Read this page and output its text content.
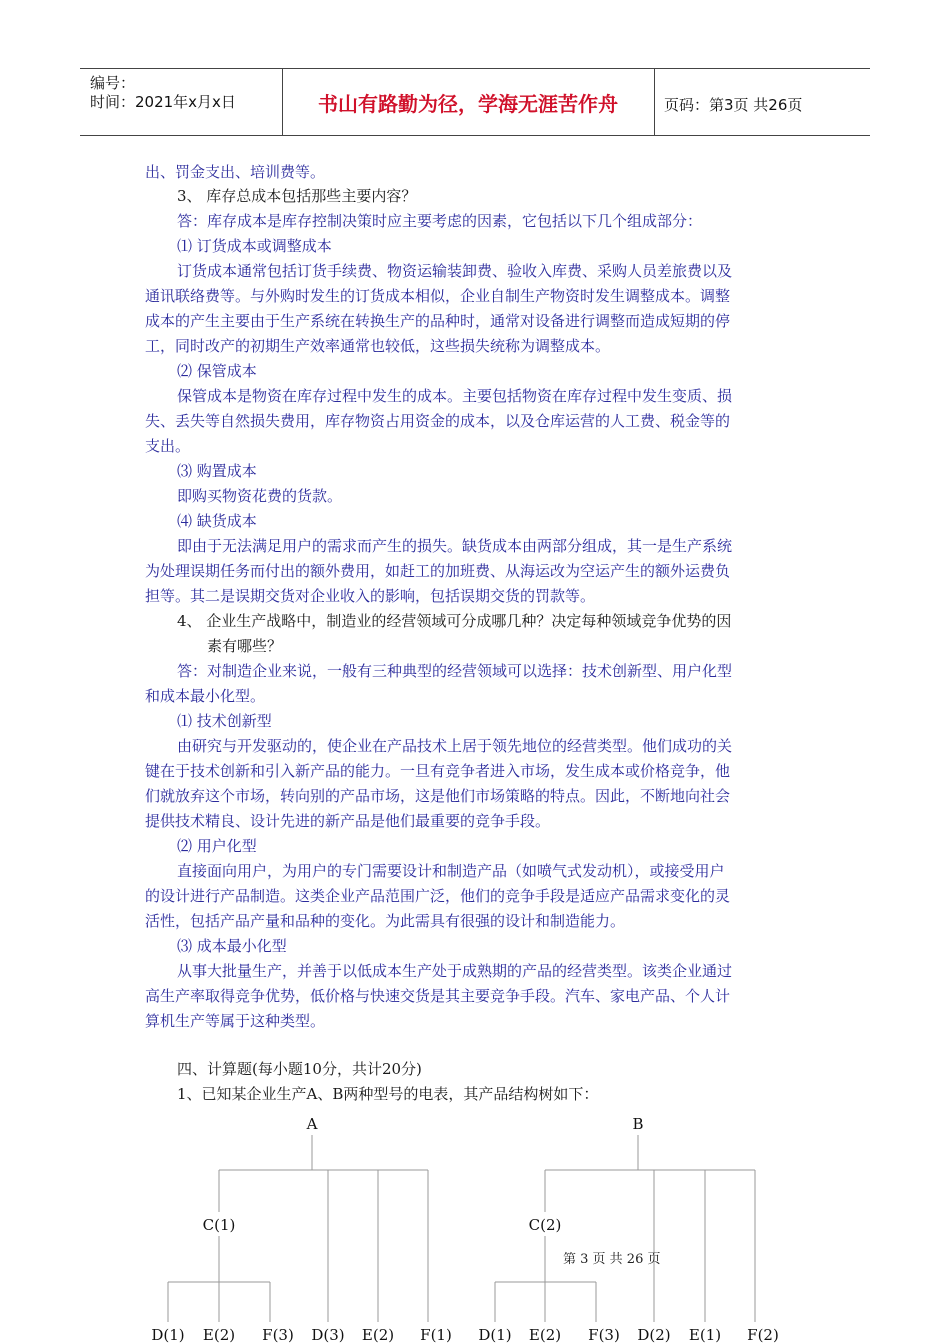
编号：
时间：2021年x月x日	书山有路勤为径，学海无涯苦作舟	页码：第3页 共26页
出、罚金支出、培训费等。
3、 库存总成本包括那些主要内容？
答：库存成本是库存控制决策时应主要考虑的因素，它包括以下几个组成部分：
⑴ 订货成本或调整成本
订货成本通常包括订货手续费、物资运输装卸费、验收入库费、采购人员差旅费以及
通讯联络费等。与外购时发生的订货成本相似，企业自制生产物资时发生调整成本。调整
成本的产生主要由于生产系统在转换生产的品种时，通常对设备进行调整而造成短期的停
工，同时改产的初期生产效率通常也较低，这些损失统称为调整成本。
⑵ 保管成本
保管成本是物资在库存过程中发生的成本。主要包括物资在库存过程中发生变质、损
失、丢失等自然损失费用，库存物资占用资金的成本，以及仓库运营的人工费、税金等的
支出。
⑶ 购置成本
即购买物资花费的货款。
⑷ 缺货成本
即由于无法满足用户的需求而产生的损失。缺货成本由两部分组成，其一是生产系统
为处理误期任务而付出的额外费用，如赶工的加班费、从海运改为空运产生的额外运费负
担等。其二是误期交货对企业收入的影响，包括误期交货的罚款等。
4、 企业生产战略中，制造业的经营领域可分成哪几种？决定每种领域竞争优势的因
素有哪些？
答：对制造企业来说，一般有三种典型的经营领域可以选择：技术创新型、用户化型
和成本最小化型。
⑴ 技术创新型
由研究与开发驱动的，使企业在产品技术上居于领先地位的经营类型。他们成功的关
键在于技术创新和引入新产品的能力。一旦有竞争者进入市场，发生成本或价格竞争，他
们就放弃这个市场，转向别的产品市场，这是他们市场策略的特点。因此，不断地向社会
提供技术精良、设计先进的新产品是他们最重要的竞争手段。
⑵ 用户化型
直接面向用户，为用户的专门需要设计和制造产品（如喷气式发动机），或接受用户
的设计进行产品制造。这类企业产品范围广泛，他们的竞争手段是适应产品需求变化的灵
活性，包括产品产量和品种的变化。为此需具有很强的设计和制造能力。
⑶ 成本最小化型
从事大批量生产，并善于以低成本生产处于成熟期的产品的经营类型。该类企业通过
高生产率取得竞争优势，低价格与快速交货是其主要竞争手段。汽车、家电产品、个人计
算机生产等属于这种类型。
四、计算题(每小题10分，共计20分)
1、已知某企业生产A、B两种型号的电表，其产品结构树如下：
A
C(1)
D(3) E(2) F(1)
D(1) E(2) F(3)
B
C(2)
D(2) E(1) F(2)
D(1) E(2) F(3)
第 3 页 共 26 页
